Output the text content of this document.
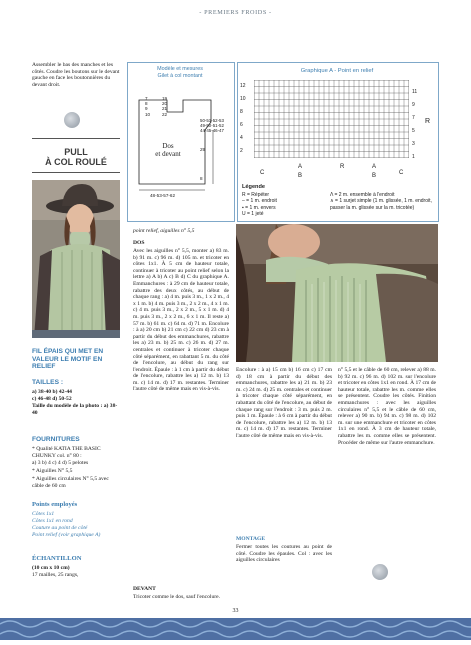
- PREMIERS FROIDS -
Assembler le bas des manches et les côtés. Coudre les boutons sur le devant gauche en face les boutonnières du devant droit.
PULL
À COL ROULÉ
FIL ÉPAIS QUI MET EN VALEUR LE MOTIF EN RELIEF
TAILLES :
a) 38-40 b) 42-44
c) 46-48 d) 50-52
Taille du modèle de la photo : a) 38-40
FOURNITURES
* Qualité KATIA THE BASIC CHUNKY col. n° 80 :
a) 3 b) 4 c) 4 d) 5 pelotes
* Aiguilles N° 5,5
* Aiguilles circulaires N° 5,5 avec câble de 60 cm
Points employés
Côtes 1x1
Côtes 1x1 en rond
Couture au point de côté
Point relief (voir graphique A)
ÉCHANTILLON
(10 cm x 10 cm)
17 mailles, 25 rangs,
Modèle et mesures
Gilet à col montant
7
8
9
10
19
20
21
22
50-51-52-53
49-50-51-52
44-45-46-47
Dos
et devant
29
8
48-53-57-62
point relief, aiguilles n° 5,5
Graphique A - Point en relief
12
10
8
6
4
2
11
9
7
5
3
1
R
C
A
B
R	A
B	C
Légende
R = Répéter
– = 1 m. endroit
▪ = 1 m. envers
U = 1 jeté
Λ = 2 m. ensemble à l'endroit
∧ = 1 surjet simple (1 m. glissée, 1 m. endroit, passer la m. glissée sur la m. tricotée)
DOS
Avec les aiguilles n° 5,5, monter a) 83 m. b) 91 m. c) 96 m. d) 105 m. et tricoter en côtes 1x1. À 5 cm de hauteur totale, continuer à tricoter au point relief selon la lettre a) A b) A c) B d) C du graphique A. Emmanchures : à 29 cm de hauteur totale, rabattre des deux côtés, au début de chaque rang : a) 4 m. puis 3 m., 1 x 2 m., 4 x 1 m. b) 4 m. puis 3 m., 2 x 2 m., 4 x 1 m. c) 4 m. puis 3 m., 2 x 2 m., 5 x 1 m. d) 4 m. puis 3 m., 2 x 2 m., 6 x 1 m. Il reste a) 57 m. b) 61 m. c) 64 m. d) 71 m. Encolure : à a) 20 cm b) 21 cm c) 22 cm d) 23 cm à partir du début des emmanchures, rabattre les a) 23 m. b) 25 m. c) 26 m. d) 27 m. centrales et continuer à tricoter chaque côté séparément, en rabattant 5 m. du côté de l'encolure, au début du rang sur l'endroit. Épaule : à 1 cm à partir du début de l'encolure, rabattre les a) 12 m. b) 13 m. c) 14 m. d) 17 m. restantes. Terminer l'autre côté de même mais en vis-à-vis.
DEVANT
Tricoter comme le dos, sauf l'encolure.
Encolure : à a) 15 cm b) 16 cm c) 17 cm d) 18 cm à partir du début des emmanchures, rabattre les a) 21 m. b) 23 m. c) 24 m. d) 25 m. centrales et continuer à tricoter chaque côté séparément, en rabattant du côté de l'encolure, au début de chaque rang sur l'endroit : 3 m. puis 2 m. puis 1 m. Épaule : à 6 cm à partir du début de l'encolure, rabattre les a) 12 m. b) 13 m. c) 14 m. d) 17 m. restantes. Terminer l'autre côté de même mais en vis-à-vis.
MONTAGE
Fermer toutes les coutures au point de côté. Coudre les épaules. Col : avec les aiguilles circulaires
n° 5,5 et le câble de 60 cm, relever a) 88 m. b) 92 m. c) 96 m. d) 102 m. sur l'encolure et tricoter en côtes 1x1 en rond. À 17 cm de hauteur totale, rabattre les m. comme elles se présentent. Coudre les côtés. Finition emmanchures : avec les aiguilles circulaires n° 5,5 et le câble de 60 cm, relever a) 90 m. b) 94 m. c) 98 m. d) 102 m. sur une emmanchure et tricoter en côtes 1x1 en rond. À 3 cm de hauteur totale, rabattre les m. comme elles se présentent. Procéder de même sur l'autre emmanchure.
33
